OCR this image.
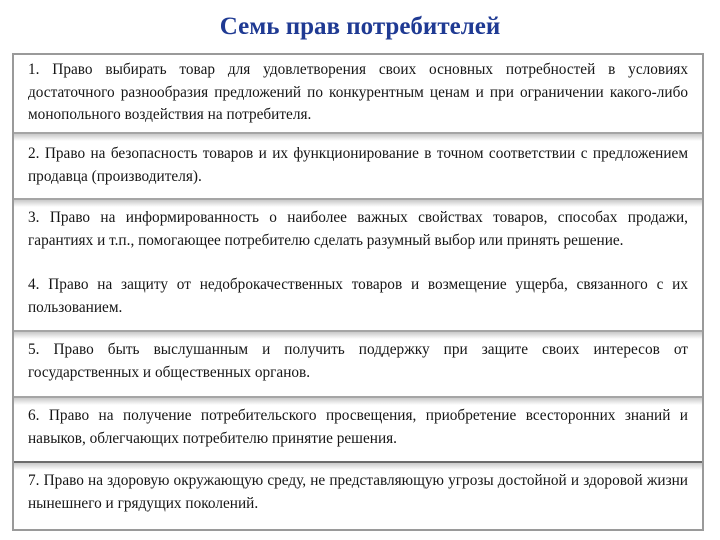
Семь прав потребителей
1. Право выбирать товар для удовлетворения своих основных потребностей в условиях достаточного разнообразия предложений по конкурентным ценам и при ограничении какого-либо монопольного воздействия на потребителя.
2. Право на безопасность товаров и их функционирование в точном соответствии с предложением продавца (производителя).
3. Право на информированность о наиболее важных свойствах товаров, способах продажи, гарантиях и т.п., помогающее потребителю сделать разумный выбор или принять решение.
4. Право на защиту от недоброкачественных товаров и возмещение ущерба, связанного с их пользованием.
5. Право быть выслушанным и получить поддержку при защите своих интересов от государственных и общественных органов.
6. Право на получение потребительского просвещения, приобретение всесторонних знаний и навыков, облегчающих потребителю принятие решения.
7. Право на здоровую окружающую среду, не представляющую угрозы достойной и здоровой жизни нынешнего и грядущих поколений.
